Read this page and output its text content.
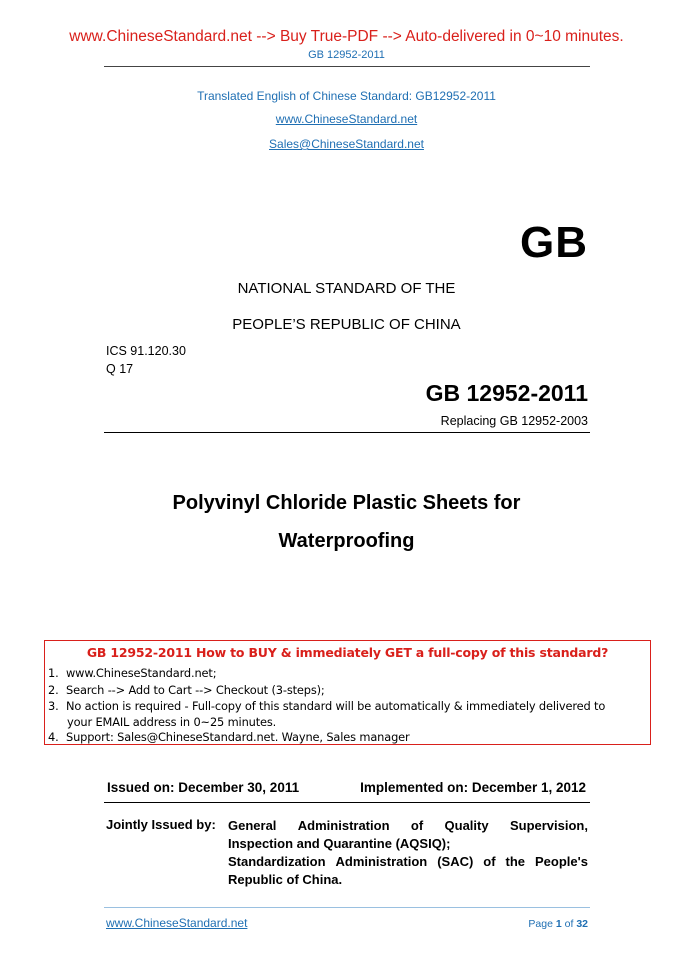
www.ChineseStandard.net --> Buy True-PDF --> Auto-delivered in 0~10 minutes.
GB 12952-2011
Translated English of Chinese Standard: GB12952-2011
www.ChineseStandard.net
Sales@ChineseStandard.net
GB
NATIONAL STANDARD OF THE
PEOPLE’S REPUBLIC OF CHINA
ICS 91.120.30
Q 17
GB 12952-2011
Replacing GB 12952-2003
Polyvinyl Chloride Plastic Sheets for
Waterproofing
GB 12952-2011 How to BUY & immediately GET a full-copy of this standard?
1. www.ChineseStandard.net;
2. Search --> Add to Cart --> Checkout (3-steps);
3. No action is required - Full-copy of this standard will be automatically & immediately delivered to
your EMAIL address in 0~25 minutes.
4. Support: Sales@ChineseStandard.net. Wayne, Sales manager
Issued on: December 30, 2011	Implemented on: December 1, 2012
Jointly Issued by: General Administration of Quality Supervision,
Inspection and Quarantine (AQSIQ);
Standardization Administration (SAC) of the People's
Republic of China.
www.ChineseStandard.net	Page 1 of 32
